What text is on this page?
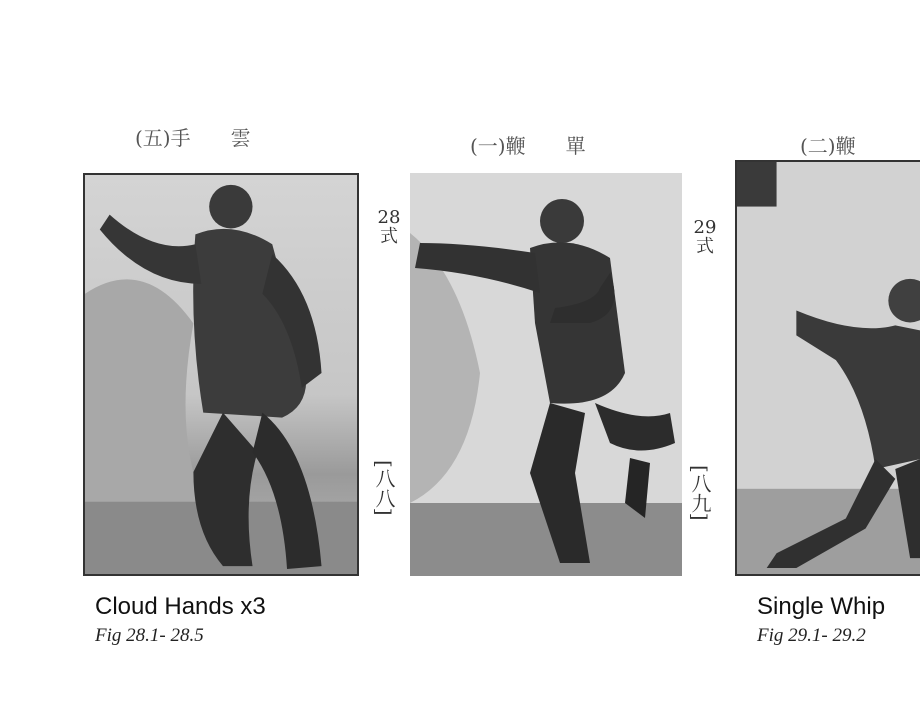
(五)手　　雲	(一)鞭　　單
28
式
[八八]
(二)鞭
29
式
[八九]
Cloud Hands x3
Fig 28.1- 28.5
Single Whip
Fig 29.1- 29.2
